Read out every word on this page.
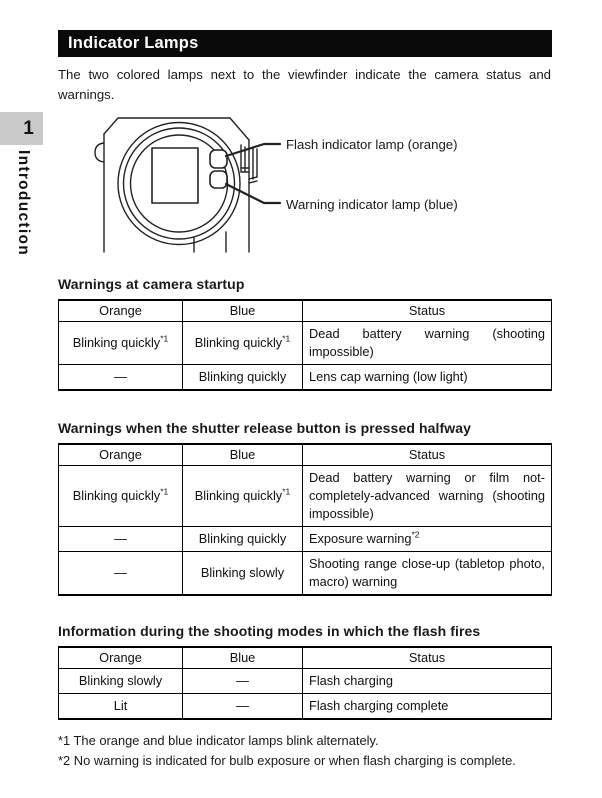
Indicator Lamps

The two colored lamps next to the viewfinder indicate the camera status and warnings.

1
Introduction
Flash indicator lamp (orange)
Warning indicator lamp (blue)
Warnings at camera startup
Orange	Blue	Status
Blinking quickly$^{*1}$	Blinking quickly$^{*1}$	Dead battery warning (shooting impossible)
—	Blinking quickly	Lens cap warning (low light)
Warnings when the shutter release button is pressed halfway
Orange	Blue	Status
Blinking quickly$^{*1}$	Blinking quickly$^{*1}$	Dead battery warning or film not-completely-advanced warning (shooting impossible)
—	Blinking quickly	Exposure warning$^{*2}$
—	Blinking slowly	Shooting range close-up (tabletop photo, macro) warning
Information during the shooting modes in which the flash fires
Orange	Blue	Status
Blinking slowly	—	Flash charging
Lit	—	Flash charging complete
*1 The orange and blue indicator lamps blink alternately.
*2 No warning is indicated for bulb exposure or when flash charging is complete.
